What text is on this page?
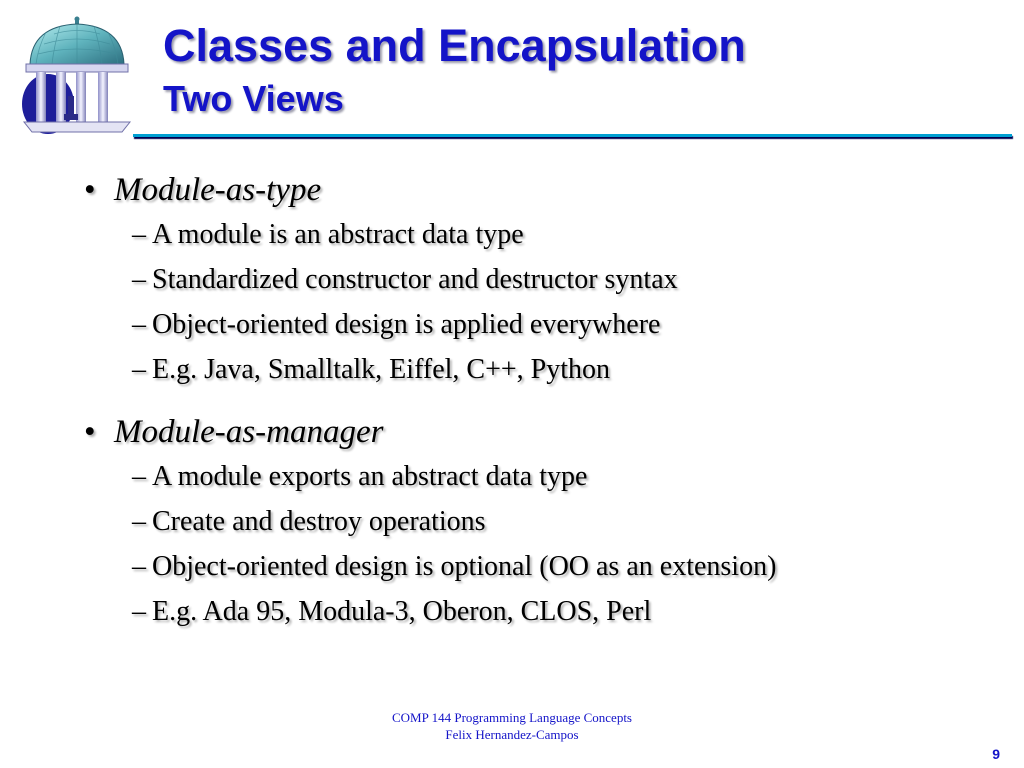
Classes and Encapsulation
Two Views
• Module-as-type
– A module is an abstract data type
– Standardized constructor and destructor syntax
– Object-oriented design is applied everywhere
– E.g. Java, Smalltalk, Eiffel, C++, Python
• Module-as-manager
– A module exports an abstract data type
– Create and destroy operations
– Object-oriented design is optional (OO as an extension)
– E.g. Ada 95, Modula-3, Oberon, CLOS, Perl
COMP 144 Programming Language Concepts
Felix Hernandez-Campos
9
